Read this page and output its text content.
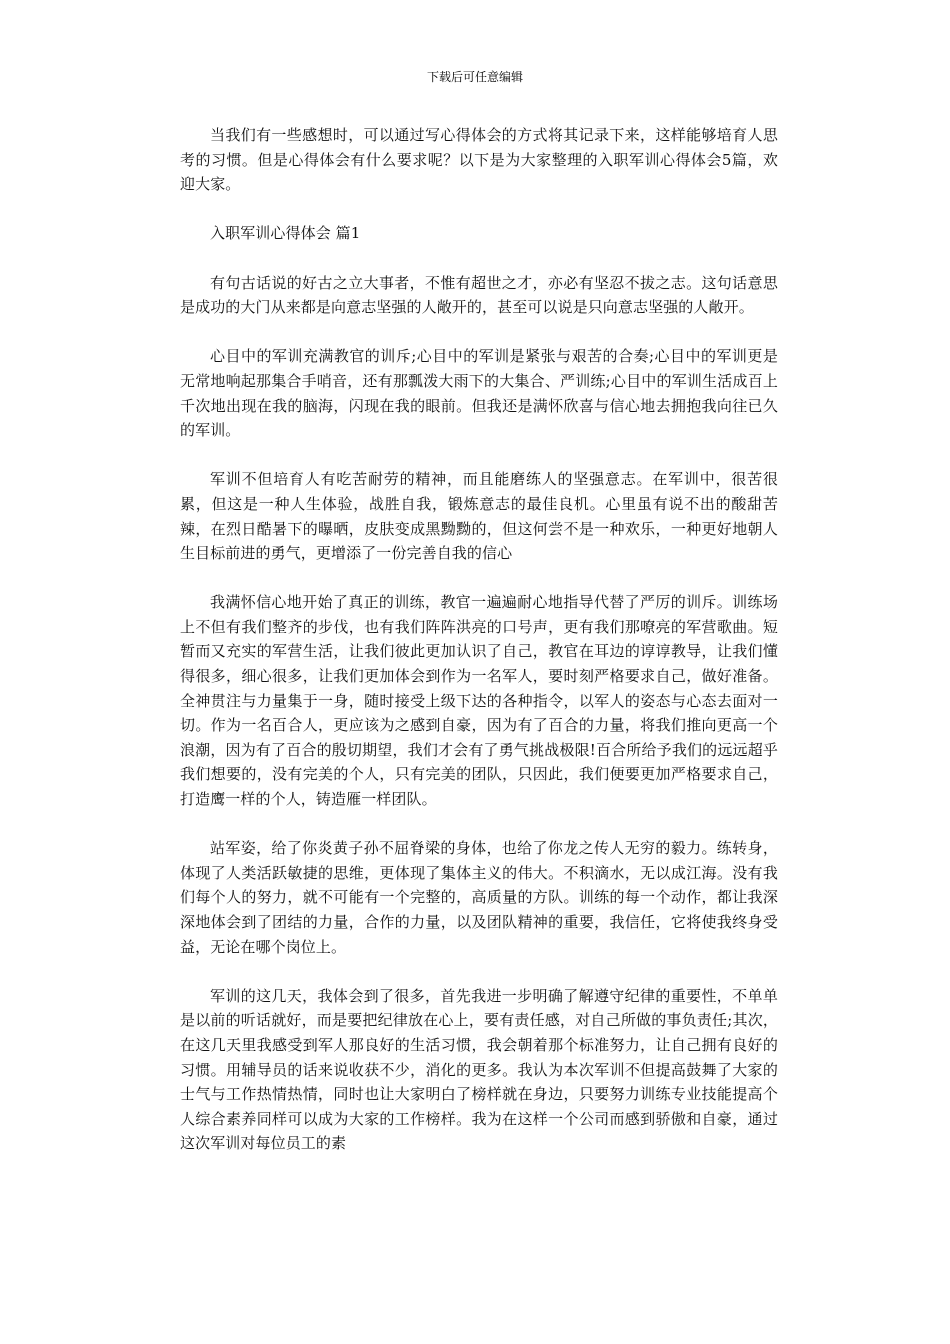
下载后可任意编辑

当我们有一些感想时，可以通过写心得体会的方式将其记录下来，这样能够培育人思考的习惯。但是心得体会有什么要求呢？以下是为大家整理的入职军训心得体会5篇，欢迎大家。

入职军训心得体会 篇1

有句古话说的好古之立大事者，不惟有超世之才，亦必有坚忍不拔之志。这句话意思是成功的大门从来都是向意志坚强的人敞开的，甚至可以说是只向意志坚强的人敞开。

心目中的军训充满教官的训斥;心目中的军训是紧张与艰苦的合奏;心目中的军训更是无常地响起那集合手哨音，还有那瓢泼大雨下的大集合、严训练;心目中的军训生活成百上千次地出现在我的脑海，闪现在我的眼前。但我还是满怀欣喜与信心地去拥抱我向往已久的军训。

军训不但培育人有吃苦耐劳的精神，而且能磨练人的坚强意志。在军训中，很苦很累，但这是一种人生体验，战胜自我，锻炼意志的最佳良机。心里虽有说不出的酸甜苦辣，在烈日酷暑下的曝晒，皮肤变成黑黝黝的，但这何尝不是一种欢乐，一种更好地朝人生目标前进的勇气，更增添了一份完善自我的信心

我满怀信心地开始了真正的训练，教官一遍遍耐心地指导代替了严厉的训斥。训练场上不但有我们整齐的步伐，也有我们阵阵洪亮的口号声，更有我们那嘹亮的军营歌曲。短暂而又充实的军营生活，让我们彼此更加认识了自己，教官在耳边的谆谆教导，让我们懂得很多，细心很多，让我们更加体会到作为一名军人，要时刻严格要求自己，做好准备。全神贯注与力量集于一身，随时接受上级下达的各种指令，以军人的姿态与心态去面对一切。作为一名百合人，更应该为之感到自豪，因为有了百合的力量，将我们推向更高一个浪潮，因为有了百合的殷切期望，我们才会有了勇气挑战极限!百合所给予我们的远远超乎我们想要的，没有完美的个人，只有完美的团队，只因此，我们便要更加严格要求自己，打造鹰一样的个人，铸造雁一样团队。

站军姿，给了你炎黄子孙不屈脊梁的身体，也给了你龙之传人无穷的毅力。练转身，体现了人类活跃敏捷的思维，更体现了集体主义的伟大。不积滴水，无以成江海。没有我们每个人的努力，就不可能有一个完整的，高质量的方队。训练的每一个动作，都让我深深地体会到了团结的力量，合作的力量，以及团队精神的重要，我信任，它将使我终身受益，无论在哪个岗位上。

军训的这几天，我体会到了很多，首先我进一步明确了解遵守纪律的重要性，不单单是以前的听话就好，而是要把纪律放在心上，要有责任感，对自己所做的事负责任;其次，在这几天里我感受到军人那良好的生活习惯，我会朝着那个标准努力，让自己拥有良好的习惯。用辅导员的话来说收获不少，消化的更多。我认为本次军训不但提高鼓舞了大家的士气与工作热情热情，同时也让大家明白了榜样就在身边，只要努力训练专业技能提高个人综合素养同样可以成为大家的工作榜样。我为在这样一个公司而感到骄傲和自豪，通过这次军训对每位员工的素
